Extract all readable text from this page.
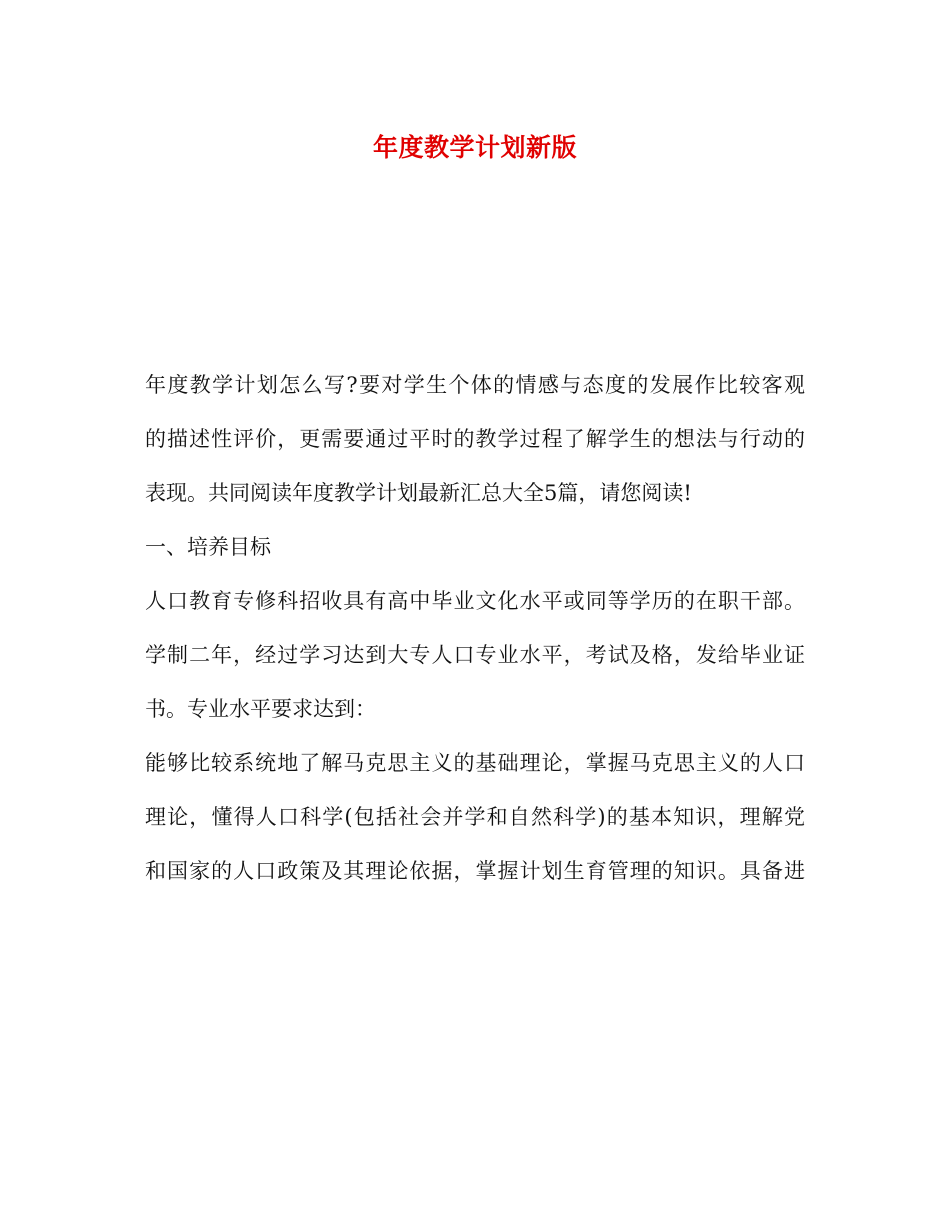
年度教学计划新版
年度教学计划怎么写?要对学生个体的情感与态度的发展作比较客观
的描述性评价，更需要通过平时的教学过程了解学生的想法与行动的
表现。共同阅读年度教学计划最新汇总大全5篇，请您阅读!
一、培养目标
人口教育专修科招收具有高中毕业文化水平或同等学历的在职干部。
学制二年，经过学习达到大专人口专业水平，考试及格，发给毕业证
书。专业水平要求达到：
能够比较系统地了解马克思主义的基础理论，掌握马克思主义的人口
理论，懂得人口科学(包括社会并学和自然科学)的基本知识，理解党
和国家的人口政策及其理论依据，掌握计划生育管理的知识。具备进
